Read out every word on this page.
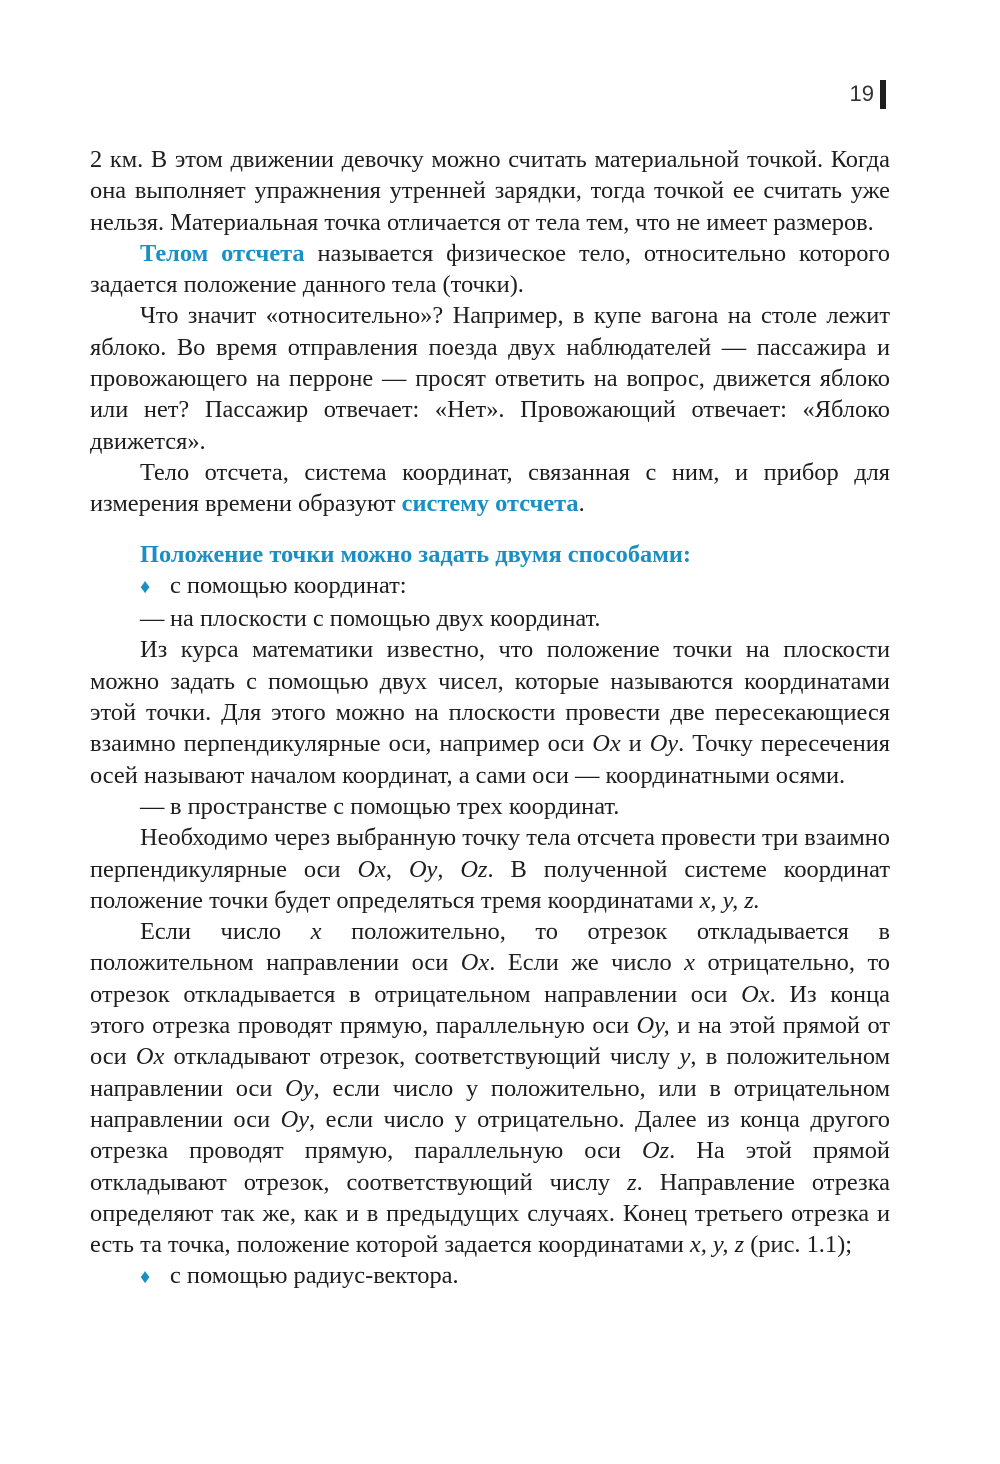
19

2 км. В этом движении девочку можно считать материальной точкой. Когда она выполняет упражнения утренней зарядки, тогда точкой ее считать уже нельзя. Материальная точка отличается от тела тем, что не имеет размеров.

Телом отсчета называется физическое тело, относительно которого задается положение данного тела (точки).

Что значит «относительно»? Например, в купе вагона на столе лежит яблоко. Во время отправления поезда двух наблюдателей — пассажира и провожающего на перроне — просят ответить на вопрос, движется яблоко или нет? Пассажир отвечает: «Нет». Провожающий отвечает: «Яблоко движется».

Тело отсчета, система координат, связанная с ним, и прибор для измерения времени образуют систему отсчета.

Положение точки можно задать двумя способами:

♦ с помощью координат:

— на плоскости с помощью двух координат.

Из курса математики известно, что положение точки на плоскости можно задать с помощью двух чисел, которые называются координатами этой точки. Для этого можно на плоскости провести две пересекающиеся взаимно перпендикулярные оси, например оси Ox и Oy. Точку пересечения осей называют началом координат, а сами оси — координатными осями.

— в пространстве с помощью трех координат.

Необходимо через выбранную точку тела отсчета провести три взаимно перпендикулярные оси Ox, Oy, Oz. В полученной системе координат положение точки будет определяться тремя координатами x, y, z.

Если число x положительно, то отрезок откладывается в положительном направлении оси Ox. Если же число x отрицательно, то отрезок откладывается в отрицательном направлении оси Ox. Из конца этого отрезка проводят прямую, параллельную оси Oy, и на этой прямой от оси Ox откладывают отрезок, соответствующий числу y, в положительном направлении оси Oy, если число у положительно, или в отрицательном направлении оси Oy, если число у отрицательно. Далее из конца другого отрезка проводят прямую, параллельную оси Oz. На этой прямой откладывают отрезок, соответствующий числу z. Направление отрезка определяют так же, как и в предыдущих случаях. Конец третьего отрезка и есть та точка, положение которой задается координатами x, y, z (рис. 1.1);

♦ с помощью радиус-вектора.
